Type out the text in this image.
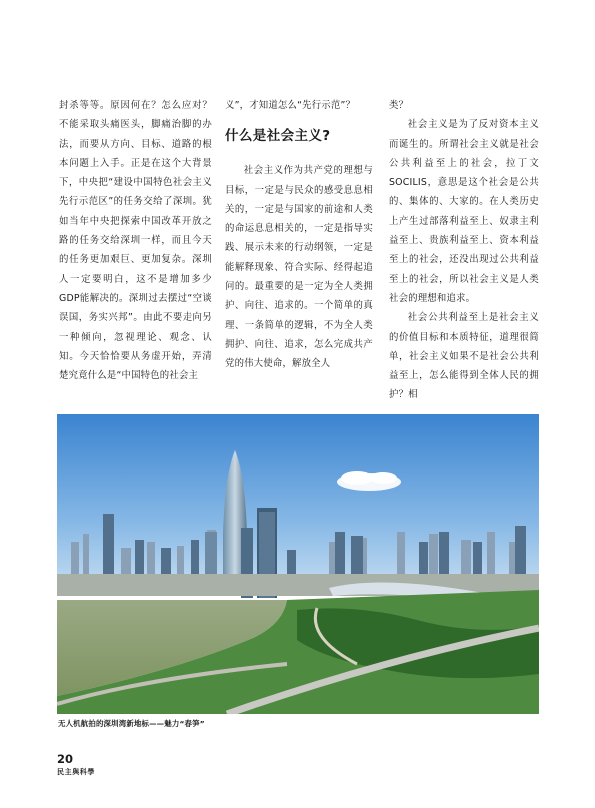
封杀等等。原因何在？怎么应对？不能采取头痛医头，脚痛治脚的办法，而要从方向、目标、道路的根本问题上入手。正是在这个大背景下，中央把“建设中国特色社会主义先行示范区”的任务交给了深圳。犹如当年中央把探索中国改革开放之路的任务交给深圳一样，而且今天的任务更加艰巨、更加复杂。深圳人一定要明白，这不是增加多少GDP能解决的。深圳过去摆过“空谈误国，务实兴邦”。由此不要走向另一种倾向，忽视理论、观念、认知。今天恰恰要从务虚开始，弄清楚究竟什么是“中国特色的社会主

义”，才知道怎么“先行示范”？

什么是社会主义?

社会主义作为共产党的理想与目标，一定是与民众的感受息息相关的，一定是与国家的前途和人类的命运息息相关的，一定是指导实践、展示未来的行动纲领，一定是能解释现象、符合实际、经得起追问的。最重要的是一定为全人类拥护、向往、追求的。一个简单的真理、一条简单的逻辑，不为全人类拥护、向往、追求，怎么完成共产党的伟大使命，解放全人

类？

社会主义是为了反对资本主义而诞生的。所谓社会主义就是社会公共利益至上的社会，拉丁文SOCILIS，意思是这个社会是公共的、集体的、大家的。在人类历史上产生过部落利益至上、奴隶主利益至上、贵族利益至上、资本利益至上的社会，还没出现过公共利益至上的社会，所以社会主义是人类社会的理想和追求。

社会公共利益至上是社会主义的价值目标和本质特征，道理很简单，社会主义如果不是社会公共利益至上，怎么能得到全体人民的拥护？相

无人机航拍的深圳湾新地标——魅力“春笋”
20
民主與科學
